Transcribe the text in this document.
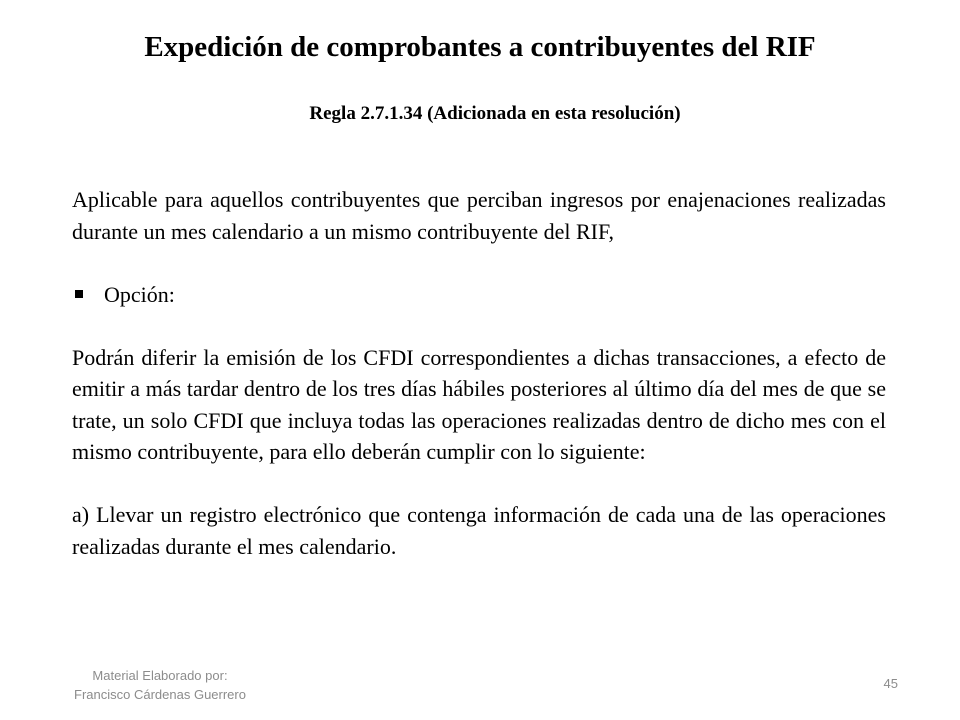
Expedición de comprobantes a contribuyentes del RIF
Regla 2.7.1.34 (Adicionada en esta resolución)

Aplicable para aquellos contribuyentes que perciban ingresos por enajenaciones realizadas durante un mes calendario a un mismo contribuyente del RIF,

Opción:

Podrán diferir la emisión de los CFDI correspondientes a dichas transacciones, a efecto de emitir a más tardar dentro de los tres días hábiles posteriores al último día del mes de que se trate, un solo CFDI que incluya todas las operaciones realizadas dentro de dicho mes con el mismo contribuyente, para ello deberán cumplir con lo siguiente:

a) Llevar un registro electrónico que contenga información de cada una de las operaciones realizadas durante el mes calendario.

Material Elaborado por:
Francisco Cárdenas Guerrero
45
